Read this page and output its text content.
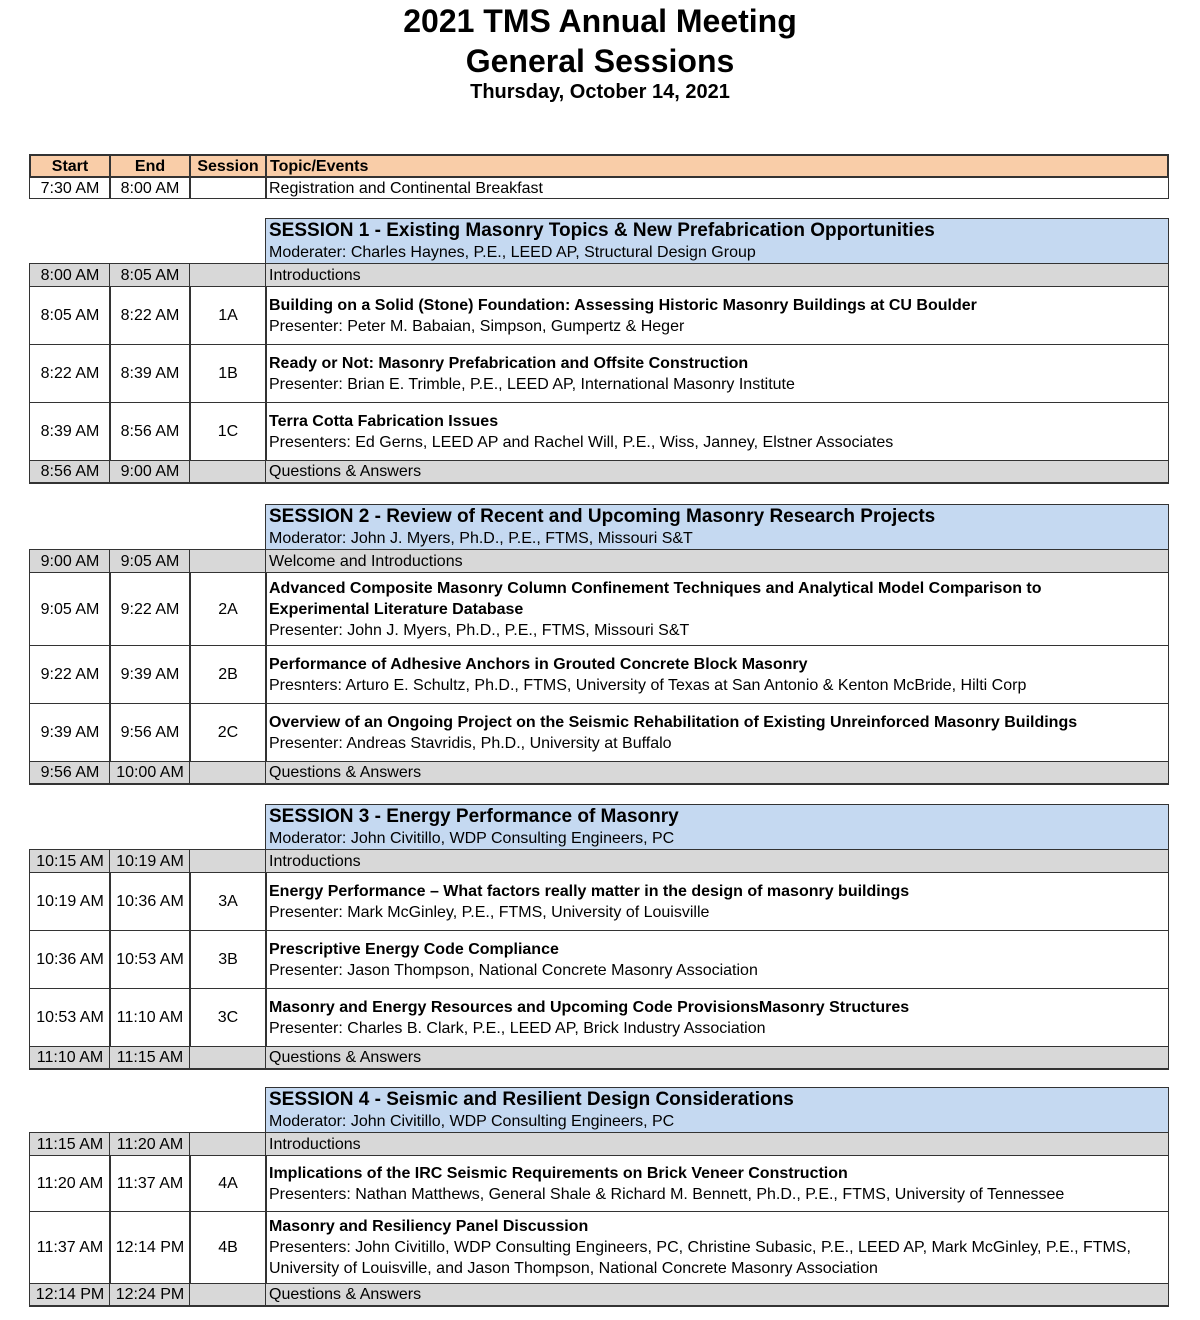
2021 TMS Annual Meeting
General Sessions
Thursday, October 14, 2021
Start	End	Session Topic/Events
7:30 AM	8:00 AM	Registration and Continental Breakfast
SESSION 1 - Existing Masonry Topics & New Prefabrication Opportunities
Moderater: Charles Haynes, P.E., LEED AP, Structural Design Group
8:00 AM	8:05 AM	Introductions
8:05 AM	8:22 AM	1A
Building on a Solid (Stone) Foundation: Assessing Historic Masonry Buildings at CU Boulder
Presenter: Peter M. Babaian, Simpson, Gumpertz & Heger
8:22 AM	8:39 AM	1B
Ready or Not: Masonry Prefabrication and Offsite Construction
Presenter: Brian E. Trimble, P.E., LEED AP, International Masonry Institute
8:39 AM	8:56 AM	1C
Terra Cotta Fabrication Issues
Presenters: Ed Gerns, LEED AP and Rachel Will, P.E., Wiss, Janney, Elstner Associates
8:56 AM	9:00 AM	Questions & Answers
SESSION 2 - Review of Recent and Upcoming Masonry Research Projects
Moderator: John J. Myers, Ph.D., P.E., FTMS, Missouri S&T
9:00 AM	9:05 AM	Welcome and Introductions
9:05 AM	9:22 AM	2A
Advanced Composite Masonry Column Confinement Techniques and Analytical Model Comparison to Experimental Literature Database
Presenter: John J. Myers, Ph.D., P.E., FTMS, Missouri S&T
9:22 AM	9:39 AM	2B
Performance of Adhesive Anchors in Grouted Concrete Block Masonry
Presnters: Arturo E. Schultz, Ph.D., FTMS, University of Texas at San Antonio & Kenton McBride, Hilti Corp
9:39 AM	9:56 AM	2C
Overview of an Ongoing Project on the Seismic Rehabilitation of Existing Unreinforced Masonry Buildings
Presenter: Andreas Stavridis, Ph.D., University at Buffalo
9:56 AM	10:00 AM	Questions & Answers
SESSION 3 - Energy Performance of Masonry
Moderator: John Civitillo, WDP Consulting Engineers, PC
10:15 AM 10:19 AM	Introductions
10:19 AM 10:36 AM	3A
Energy Performance – What factors really matter in the design of masonry buildings
Presenter: Mark McGinley, P.E., FTMS, University of Louisville
10:36 AM 10:53 AM	3B
Prescriptive Energy Code Compliance
Presenter: Jason Thompson, National Concrete Masonry Association
10:53 AM 11:10 AM	3C
Masonry and Energy Resources and Upcoming Code ProvisionsMasonry Structures
Presenter: Charles B. Clark, P.E., LEED AP, Brick Industry Association
11:10 AM 11:15 AM	Questions & Answers
SESSION 4 - Seismic and Resilient Design Considerations
Moderator: John Civitillo, WDP Consulting Engineers, PC
11:15 AM 11:20 AM	Introductions
11:20 AM 11:37 AM	4A
Implications of the IRC Seismic Requirements on Brick Veneer Construction
Presenters: Nathan Matthews, General Shale & Richard M. Bennett, Ph.D., P.E., FTMS, University of Tennessee
11:37 AM 12:14 PM	4B
Masonry and Resiliency Panel Discussion
Presenters: John Civitillo, WDP Consulting Engineers, PC, Christine Subasic, P.E., LEED AP, Mark McGinley, P.E., FTMS, University of Louisville, and Jason Thompson, National Concrete Masonry Association
12:14 PM 12:24 PM	Questions & Answers
